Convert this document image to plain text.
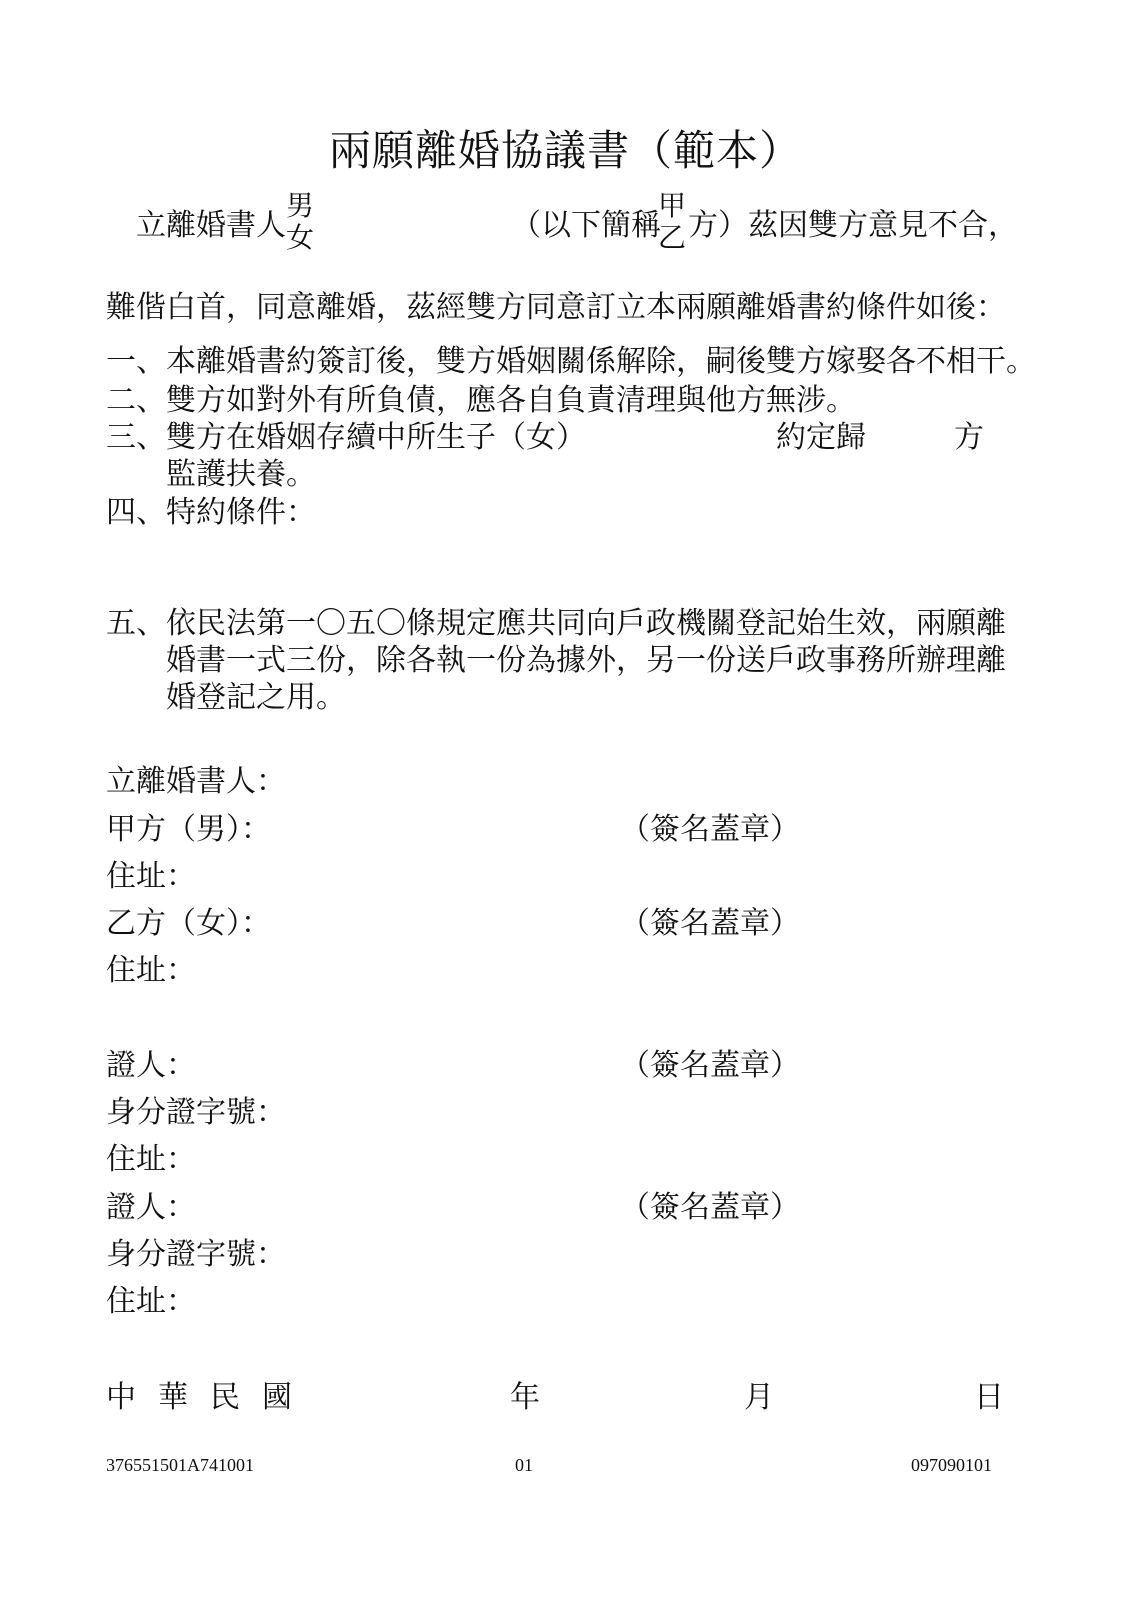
兩願離婚協議書（範本）
立離婚書人
男
女	（以下簡稱
甲
乙 方）茲因雙方意見不合，
難偕白首，同意離婚，茲經雙方同意訂立本兩願離婚書約條件如後：
一、本離婚書約簽訂後，雙方婚姻關係解除，嗣後雙方嫁娶各不相干。
二、雙方如對外有所負債，應各自負責清理與他方無涉。
三、雙方在婚姻存續中所生子（女）	約定歸	方
監護扶養。
四、特約條件：
五、依民法第一〇五〇條規定應共同向戶政機關登記始生效，兩願離
婚書一式三份，除各執一份為據外，另一份送戶政事務所辦理離
婚登記之用。
立離婚書人：
甲方（男）：	（簽名蓋章）
住址：
乙方（女）：	（簽名蓋章）
住址：
證人：	（簽名蓋章）
身分證字號：
住址：
證人：	（簽名蓋章）
身分證字號：
住址：
中華民國	年	月	日
376551501A741001	01	097090101
